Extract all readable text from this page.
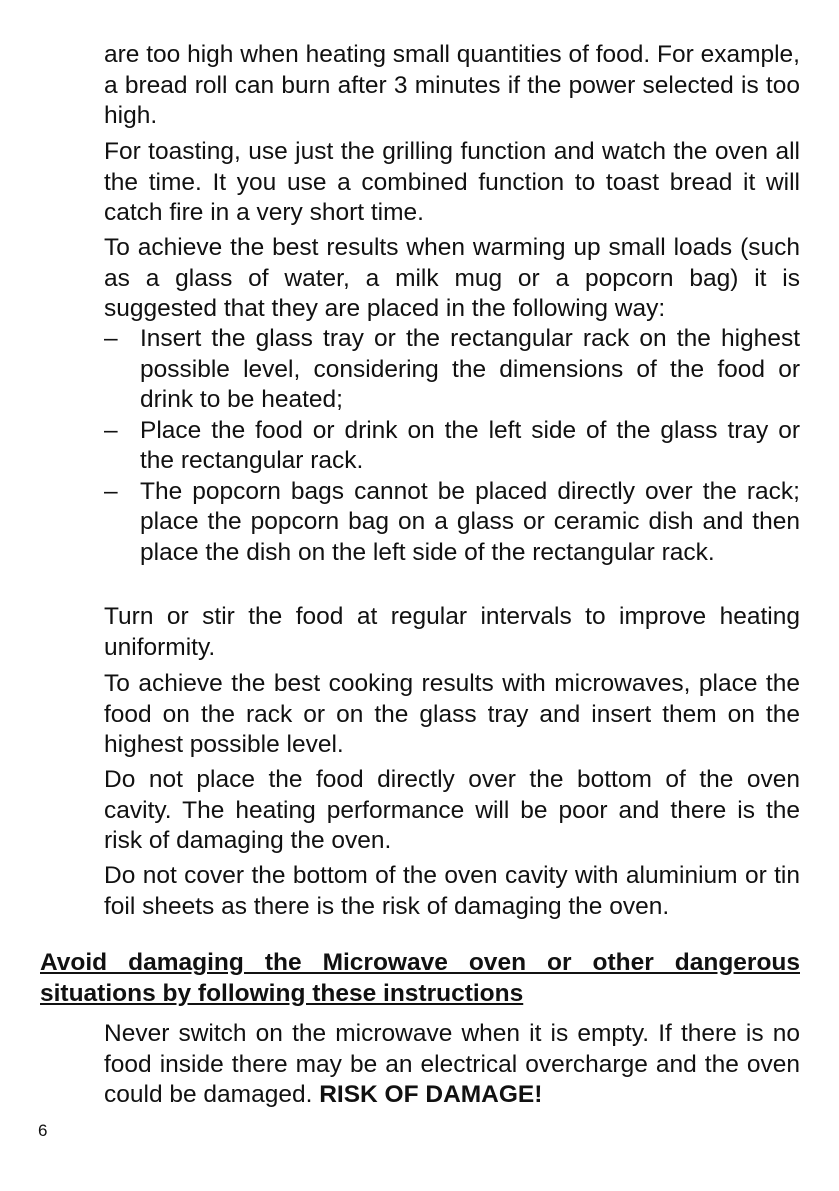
are too high when heating small quantities of food. For example, a bread roll can burn after 3 minutes if the power selected is too high.

For toasting, use just the grilling function and watch the oven all the time. It you use a combined function to toast bread it will catch fire in a very short time.

To achieve the best results when warming up small loads (such as a glass of water, a milk mug or a popcorn bag) it is suggested that they are placed in the following way:

– Insert the glass tray or the rectangular rack on the highest possible level, considering the dimensions of the food or drink to be heated;
– Place the food or drink on the left side of the glass tray or the rectangular rack.
– The popcorn bags cannot be placed directly over the rack; place the popcorn bag on a glass or ceramic dish and then place the dish on the left side of the rectangular rack.

Turn or stir the food at regular intervals to improve heating uniformity.

To achieve the best cooking results with microwaves, place the food on the rack or on the glass tray and insert them on the highest possible level.

Do not place the food directly over the bottom of the oven cavity. The heating performance will be poor and there is the risk of damaging the oven.

Do not cover the bottom of the oven cavity with aluminium or tin foil sheets as there is the risk of damaging the oven.

Avoid damaging the Microwave oven or other dangerous
situations by following these instructions

Never switch on the microwave when it is empty. If there is no food inside there may be an electrical overcharge and the oven could be damaged. RISK OF DAMAGE!

6
